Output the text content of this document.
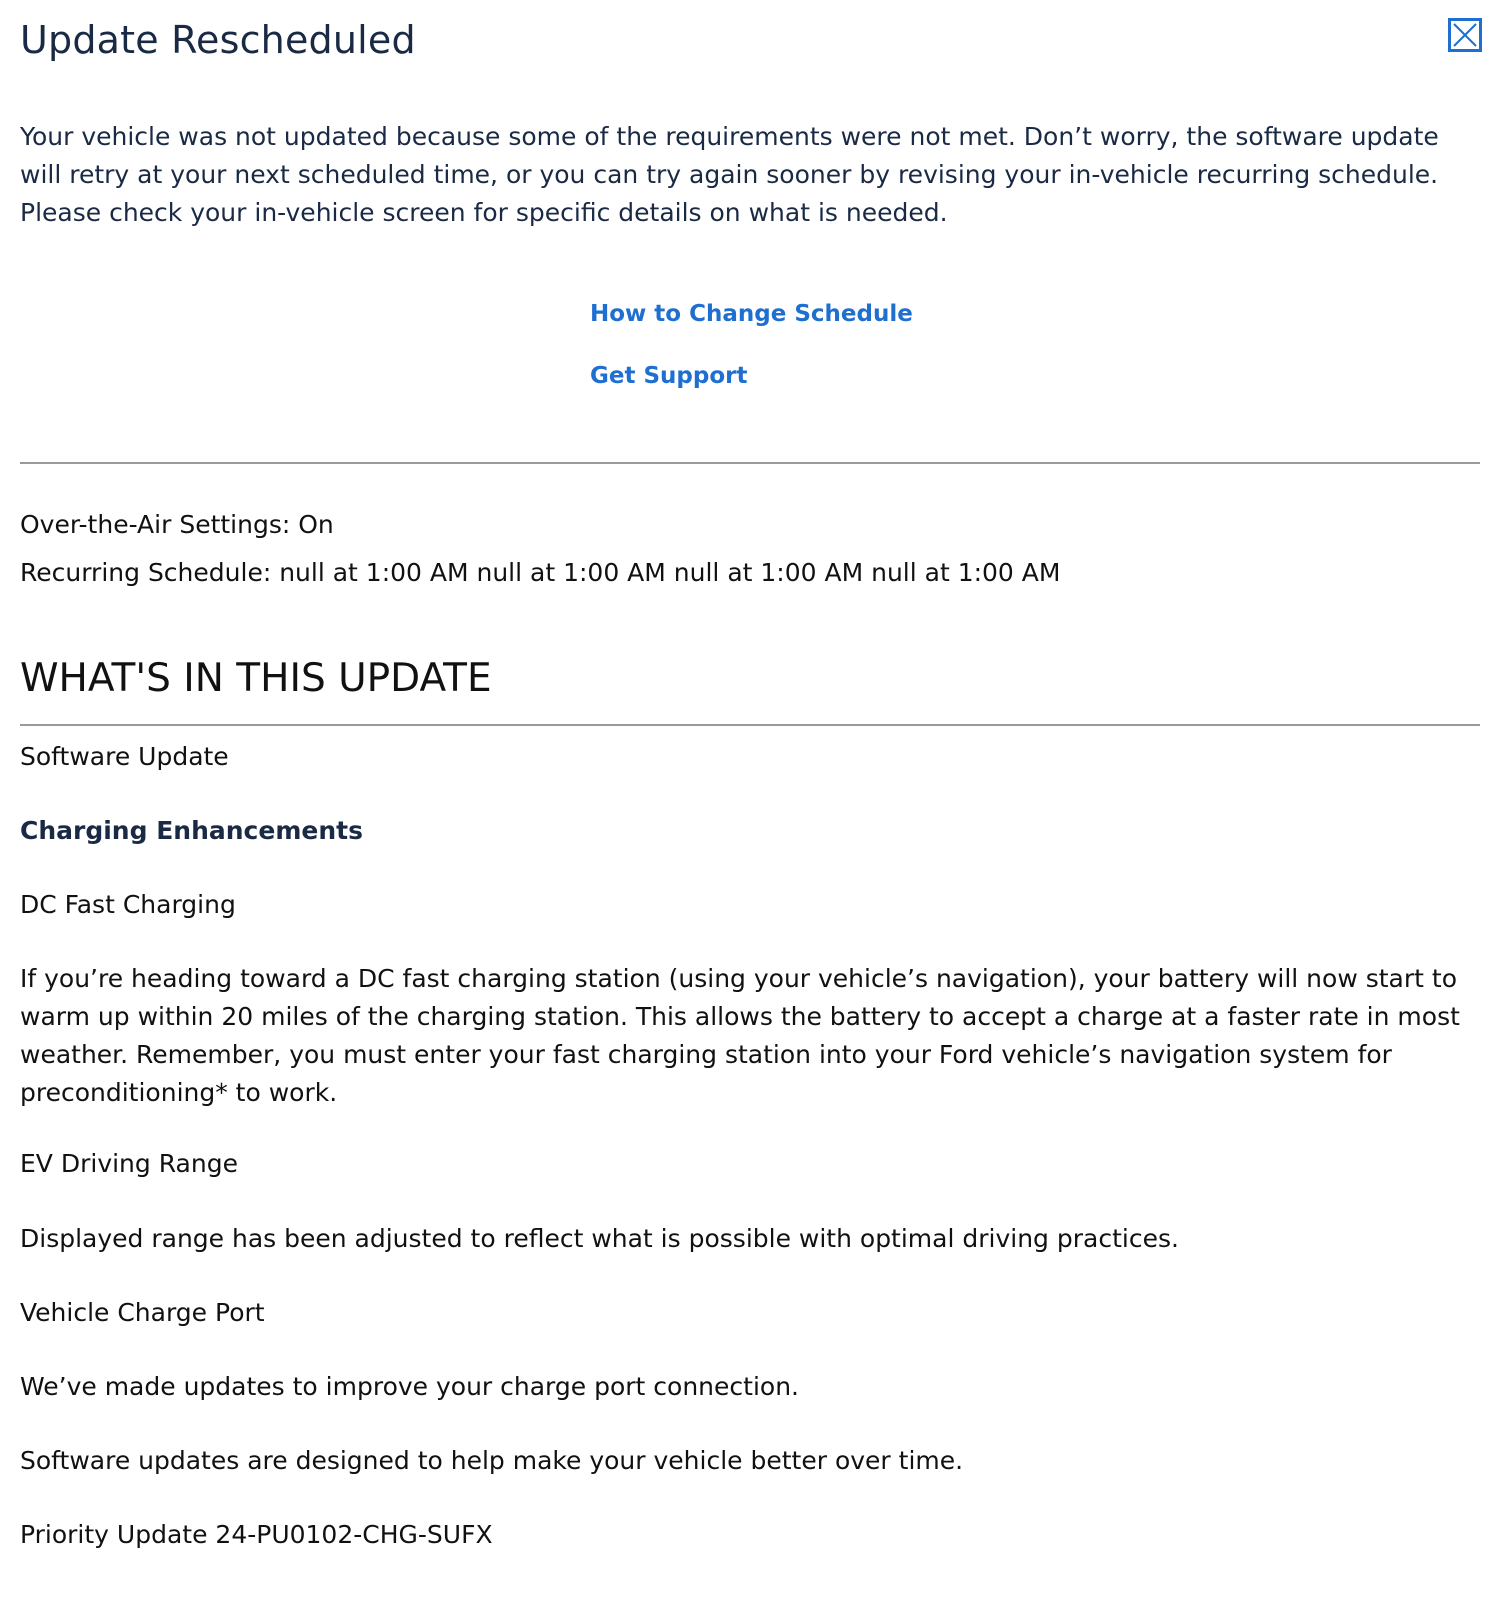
Update Rescheduled

Your vehicle was not updated because some of the requirements were not met. Don’t worry, the software update will retry at your next scheduled time, or you can try again sooner by revising your in-vehicle recurring schedule. Please check your in-vehicle screen for specific details on what is needed.

How to Change Schedule
Get Support

Over-the-Air Settings: On

Recurring Schedule: null at 1:00 AM null at 1:00 AM null at 1:00 AM null at 1:00 AM

WHAT'S IN THIS UPDATE

Software Update

Charging Enhancements

DC Fast Charging

If you’re heading toward a DC fast charging station (using your vehicle’s navigation), your battery will now start to warm up within 20 miles of the charging station. This allows the battery to accept a charge at a faster rate in most weather. Remember, you must enter your fast charging station into your Ford vehicle’s navigation system for preconditioning* to work.

EV Driving Range

Displayed range has been adjusted to reflect what is possible with optimal driving practices.

Vehicle Charge Port

We’ve made updates to improve your charge port connection.

Software updates are designed to help make your vehicle better over time.

Priority Update 24-PU0102-CHG-SUFX
